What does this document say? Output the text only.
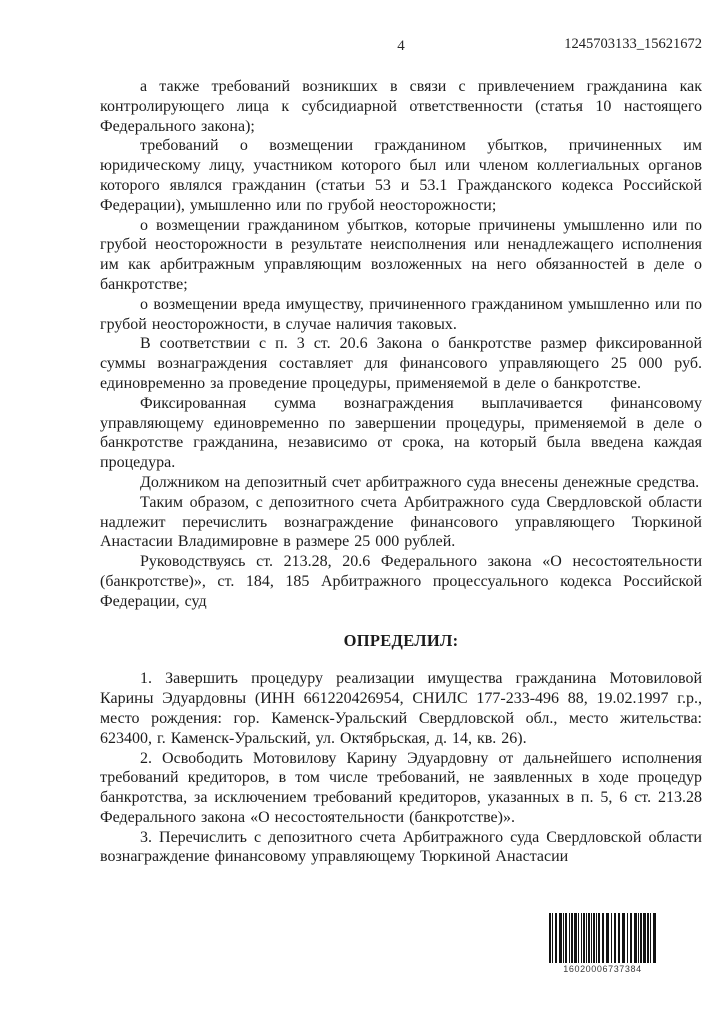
4	1245703133_15621672

а также требований возникших в связи с привлечением гражданина как контролирующего лица к субсидиарной ответственности (статья 10 настоящего Федерального закона);

требований о возмещении гражданином убытков, причиненных им юридическому лицу, участником которого был или членом коллегиальных органов которого являлся гражданин (статьи 53 и 53.1 Гражданского кодекса Российской Федерации), умышленно или по грубой неосторожности;

о возмещении гражданином убытков, которые причинены умышленно или по грубой неосторожности в результате неисполнения или ненадлежащего исполнения им как арбитражным управляющим возложенных на него обязанностей в деле о банкротстве;

о возмещении вреда имуществу, причиненного гражданином умышленно или по грубой неосторожности, в случае наличия таковых.

В соответствии с п. 3 ст. 20.6 Закона о банкротстве размер фиксированной суммы вознаграждения составляет для финансового управляющего 25 000 руб. единовременно за проведение процедуры, применяемой в деле о банкротстве.

Фиксированная сумма вознаграждения выплачивается финансовому управляющему единовременно по завершении процедуры, применяемой в деле о банкротстве гражданина, независимо от срока, на который была введена каждая процедура.

Должником на депозитный счет арбитражного суда внесены денежные средства.

Таким образом, с депозитного счета Арбитражного суда Свердловской области надлежит перечислить вознаграждение финансового управляющего Тюркиной Анастасии Владимировне в размере 25 000 рублей.

Руководствуясь ст. 213.28, 20.6 Федерального закона «О несостоятельности (банкротстве)», ст. 184, 185 Арбитражного процессуального кодекса Российской Федерации, суд

ОПРЕДЕЛИЛ:

1. Завершить процедуру реализации имущества гражданина Мотовиловой Карины Эдуардовны (ИНН 661220426954, СНИЛС 177-233-496 88, 19.02.1997 г.р., место рождения: гор. Каменск-Уральский Свердловской обл., место жительства: 623400, г. Каменск-Уральский, ул. Октябрьская, д. 14, кв. 26).

2. Освободить Мотовилову Карину Эдуардовну от дальнейшего исполнения требований кредиторов, в том числе требований, не заявленных в ходе процедур банкротства, за исключением требований кредиторов, указанных в п. 5, 6 ст. 213.28 Федерального закона «О несостоятельности (банкротстве)».

3. Перечислить с депозитного счета Арбитражного суда Свердловской области вознаграждение финансовому управляющему Тюркиной Анастасии

16020006737384
